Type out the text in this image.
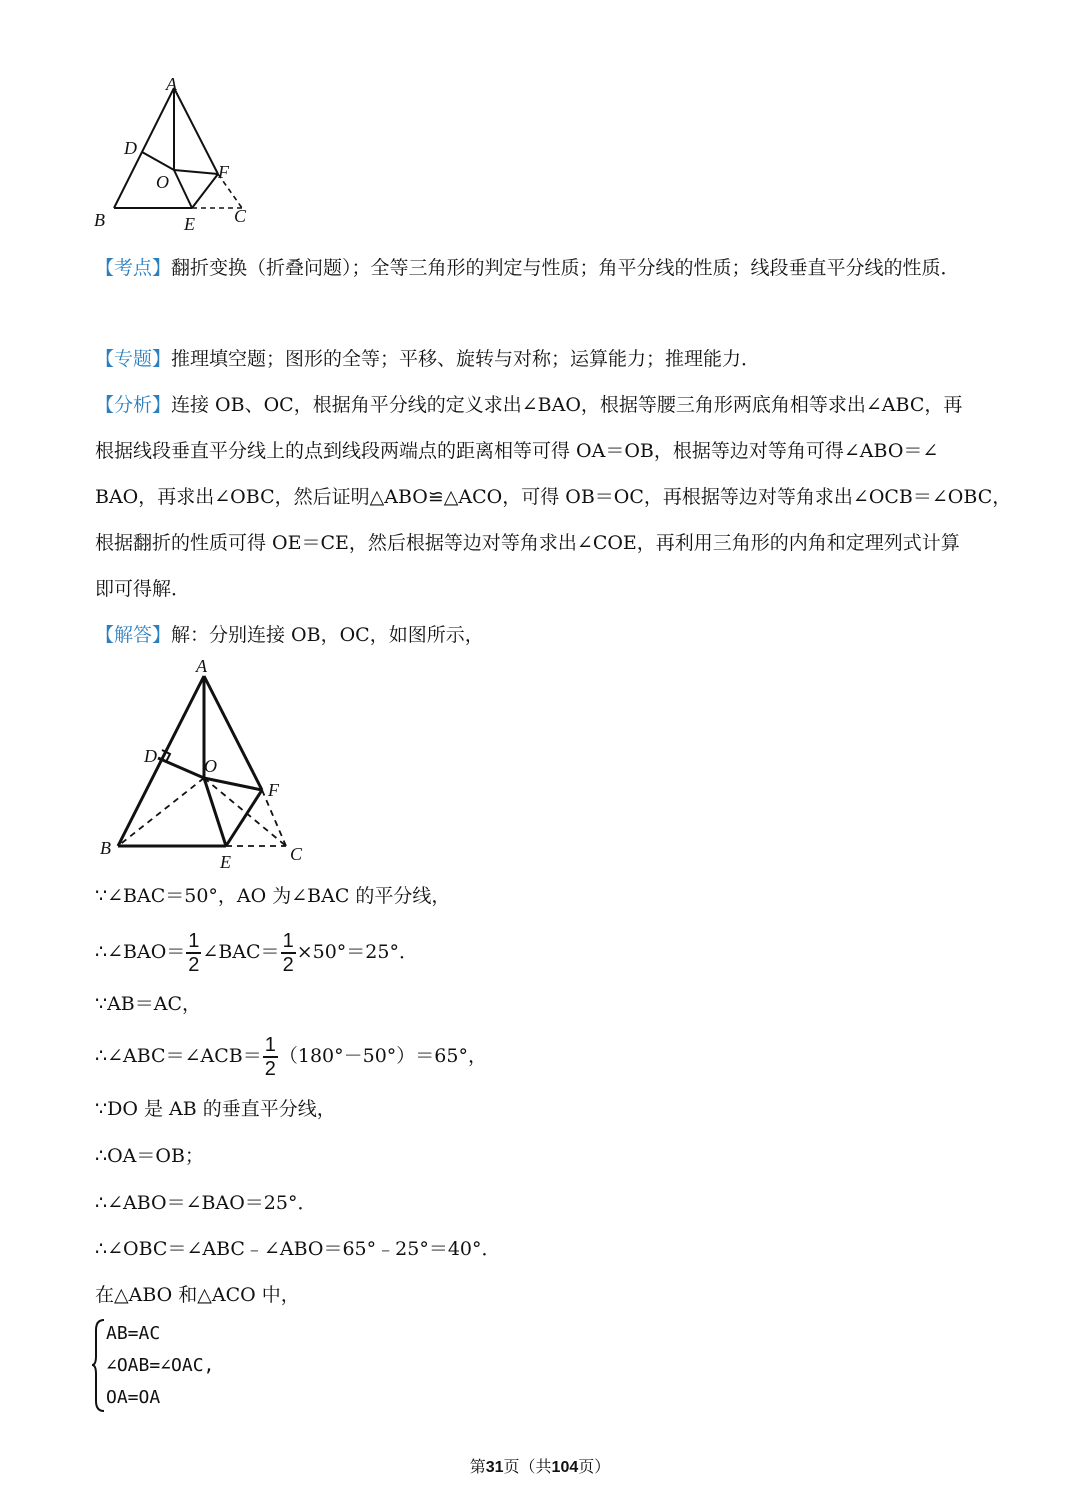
A
D
O	F
B	E C
【考点】翻折变换（折叠问题）；全等三角形的判定与性质；角平分线的性质；线段垂直平分线的性质．
【专题】推理填空题；图形的全等；平移、旋转与对称；运算能力；推理能力．
【分析】连接 OB、OC，根据角平分线的定义求出∠BAO，根据等腰三角形两底角相等求出∠ABC，再
根据线段垂直平分线上的点到线段两端点的距离相等可得 OA＝OB，根据等边对等角可得∠ABO＝∠
BAO，再求出∠OBC，然后证明△ABO≌△ACO，可得 OB＝OC，再根据等边对等角求出∠OCB＝∠OBC，
根据翻折的性质可得 OE＝CE，然后根据等边对等角求出∠COE，再利用三角形的内角和定理列式计算
即可得解．
【解答】解：分别连接 OB，OC，如图所示，
A
D	O
F
B
E	C
∵∠BAC＝50°，AO 为∠BAC 的平分线，
∴∠BAO＝ $\frac{1}{2}$ ∠BAC＝ $\frac{1}{2} \times 50^\circ=25^\circ$．
∵AB＝AC，
∴∠ABC＝∠ACB＝ $\frac{1}{2} (180^\circ-50^\circ)=65^\circ$，
∵DO 是 AB 的垂直平分线，
∴OA＝OB；
∴∠ABO＝∠BAO＝25°．
∴∠OBC＝∠ABC﹣∠ABO＝65°﹣25°＝40°．
在△ABO 和△ACO 中，
AB=AC
∠OAB=∠OAC,
OA=OA
第31页（共104页）
